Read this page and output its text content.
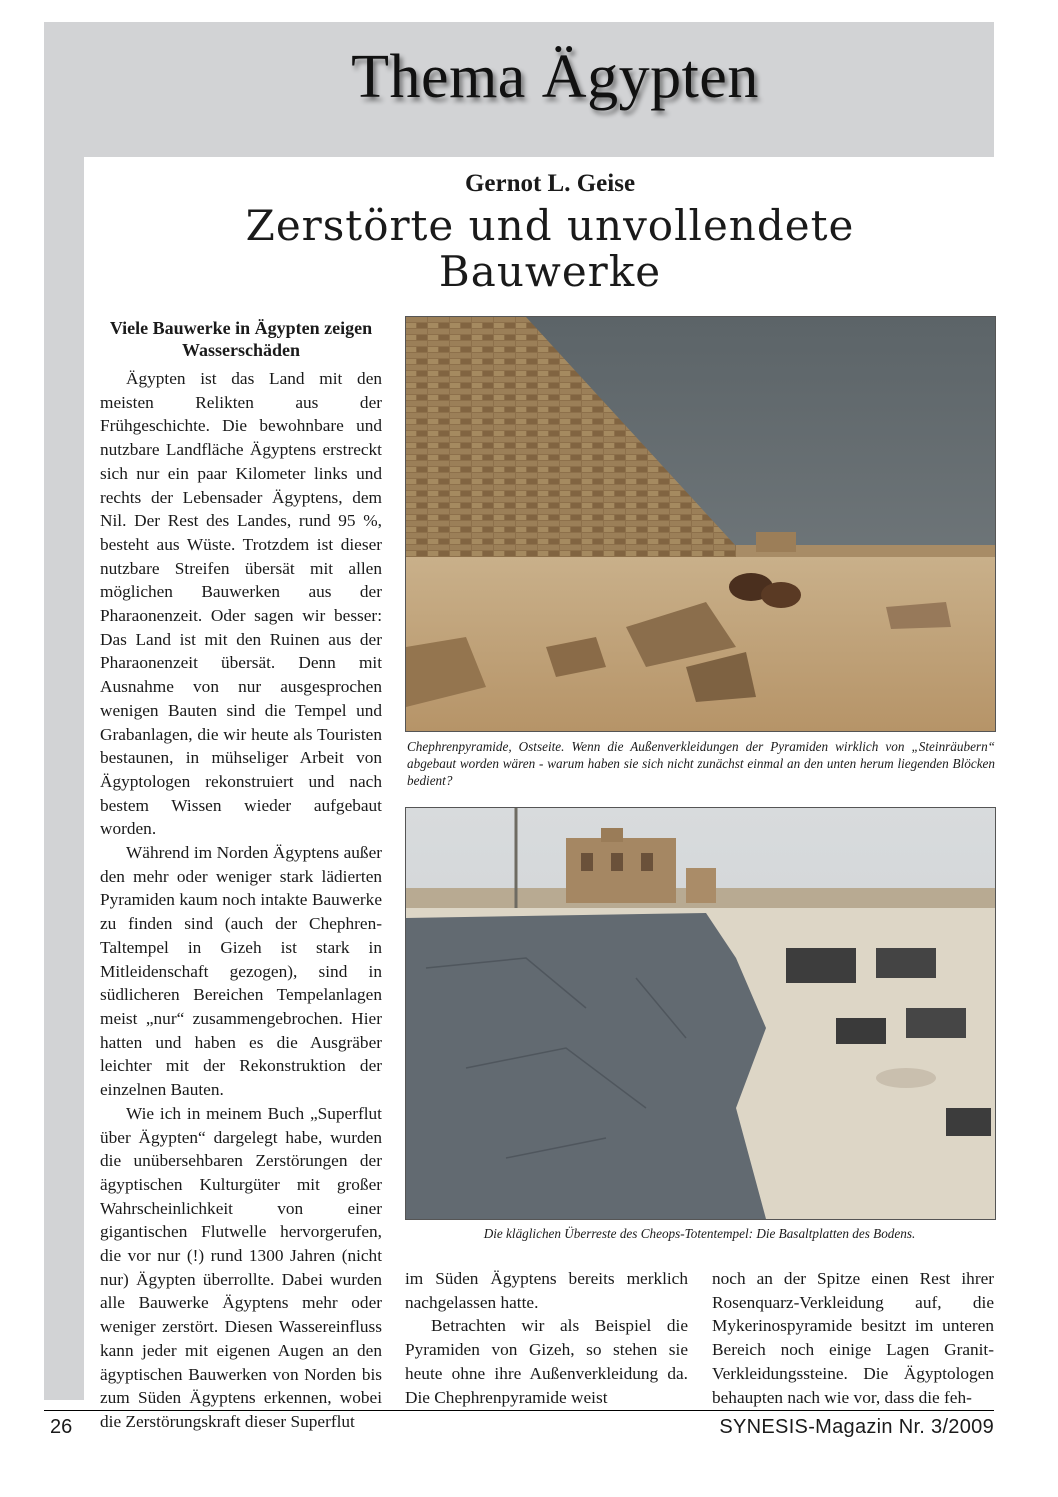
Thema Ägypten
Gernot L. Geise
Zerstörte und unvollendete
Bauwerke
Viele Bauwerke in Ägypten zeigen Wasserschäden

Ägypten ist das Land mit den meisten Relikten aus der Frühgeschichte. Die bewohnbare und nutzbare Landfläche Ägyptens erstreckt sich nur ein paar Kilometer links und rechts der Lebensader Ägyptens, dem Nil. Der Rest des Landes, rund 95 %, besteht aus Wüste. Trotzdem ist dieser nutzbare Streifen übersät mit allen möglichen Bauwerken aus der Pharaonenzeit. Oder sagen wir besser: Das Land ist mit den Ruinen aus der Pharaonenzeit übersät. Denn mit Ausnahme von nur ausgesprochen wenigen Bauten sind die Tempel und Grabanlagen, die wir heute als Touristen bestaunen, in mühseliger Arbeit von Ägyptologen rekonstruiert und nach bestem Wissen wieder aufgebaut worden.

Während im Norden Ägyptens außer den mehr oder weniger stark lädierten Pyramiden kaum noch intakte Bauwerke zu finden sind (auch der Chephren-Taltempel in Gizeh ist stark in Mitleidenschaft gezogen), sind in südlicheren Bereichen Tempelanlagen meist „nur“ zusammengebrochen. Hier hatten und haben es die Ausgräber leichter mit der Rekonstruktion der einzelnen Bauten.

Wie ich in meinem Buch „Superflut über Ägypten“ dargelegt habe, wurden die unübersehbaren Zerstörungen der ägyptischen Kulturgüter mit großer Wahrscheinlichkeit von einer gigantischen Flutwelle hervorgerufen, die vor nur (!) rund 1300 Jahren (nicht nur) Ägypten überrollte. Dabei wurden alle Bauwerke Ägyptens mehr oder weniger zerstört. Diesen Wassereinfluss kann jeder mit eigenen Augen an den ägyptischen Bauwerken von Norden bis zum Süden Ägyptens erkennen, wobei die Zerstörungskraft dieser Superflut

Chephrenpyramide, Ostseite. Wenn die Außenverkleidungen der Pyramiden wirklich von „Steinräubern“ abgebaut worden wären - warum haben sie sich nicht zunächst einmal an den unten herum liegenden Blöcken bedient?
Die kläglichen Überreste des Cheops-Totentempel: Die Basaltplatten des Bodens.

im Süden Ägyptens bereits merklich nachgelassen hatte.

Betrachten wir als Beispiel die Pyramiden von Gizeh, so stehen sie heute ohne ihre Außenverkleidung da. Die Chephrenpyramide weist

noch an der Spitze einen Rest ihrer Rosenquarz-Verkleidung auf, die Mykerinospyramide besitzt im unteren Bereich noch einige Lagen Granit-Verkleidungssteine. Die Ägyptologen behaupten nach wie vor, dass die feh-

26	SYNESIS-Magazin Nr. 3/2009
